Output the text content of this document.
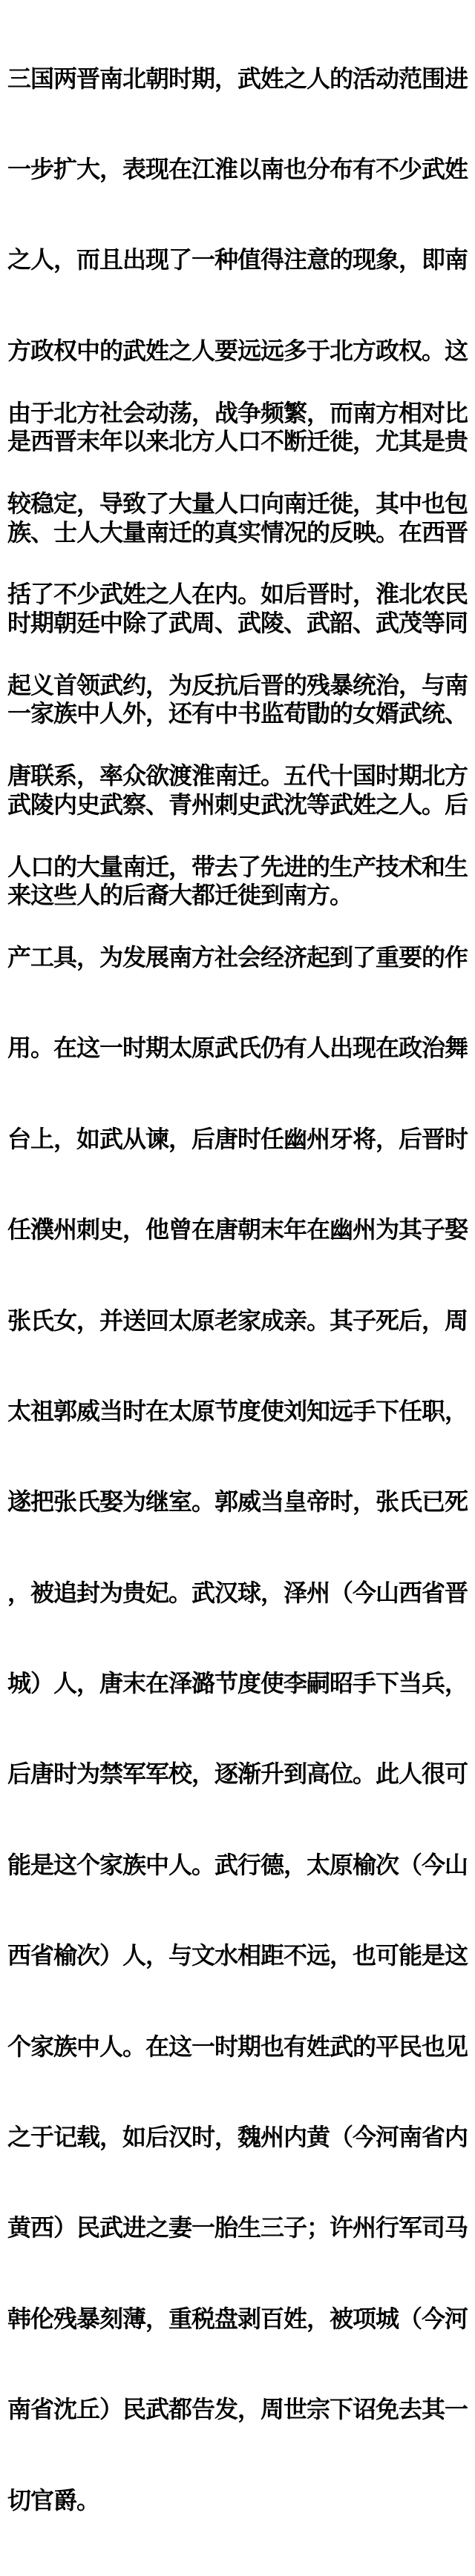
三国两晋南北朝时期，武姓之人的活动范围进

一步扩大，表现在江淮以南也分布有不少武姓

之人，而且出现了一种值得注意的现象，即南

方政权中的武姓之人要远远多于北方政权。这

是西晋末年以来北方人口不断迁徙，尤其是贵

族、士人大量南迁的真实情况的反映。在西晋

时期朝廷中除了武周、武陵、武韶、武茂等同

一家族中人外，还有中书监荀勖的女婿武统、

武陵内史武察、青州刺史武沈等武姓之人。后

来这些人的后裔大都迁徙到南方。

由于北方社会动荡，战争频繁，而南方相对比

较稳定，导致了大量人口向南迁徙，其中也包

括了不少武姓之人在内。如后晋时，淮北农民

起义首领武约，为反抗后晋的残暴统治，与南

唐联系，率众欲渡淮南迁。五代十国时期北方

人口的大量南迁，带去了先进的生产技术和生

产工具，为发展南方社会经济起到了重要的作

用。在这一时期太原武氏仍有人出现在政治舞

台上，如武从谏，后唐时任幽州牙将，后晋时

任濮州刺史，他曾在唐朝末年在幽州为其子娶

张氏女，并送回太原老家成亲。其子死后，周

太祖郭威当时在太原节度使刘知远手下任职，

遂把张氏娶为继室。郭威当皇帝时，张氏已死

，被追封为贵妃。武汉球，泽州（今山西省晋

城）人，唐末在泽潞节度使李嗣昭手下当兵，

后唐时为禁军军校，逐渐升到高位。此人很可

能是这个家族中人。武行德，太原榆次（今山

西省榆次）人，与文水相距不远，也可能是这

个家族中人。在这一时期也有姓武的平民也见

之于记载，如后汉时，魏州内黄（今河南省内

黄西）民武进之妻一胎生三子；许州行军司马

韩伦残暴刻薄，重税盘剥百姓，被项城（今河

南省沈丘）民武都告发，周世宗下诏免去其一

切官爵。
